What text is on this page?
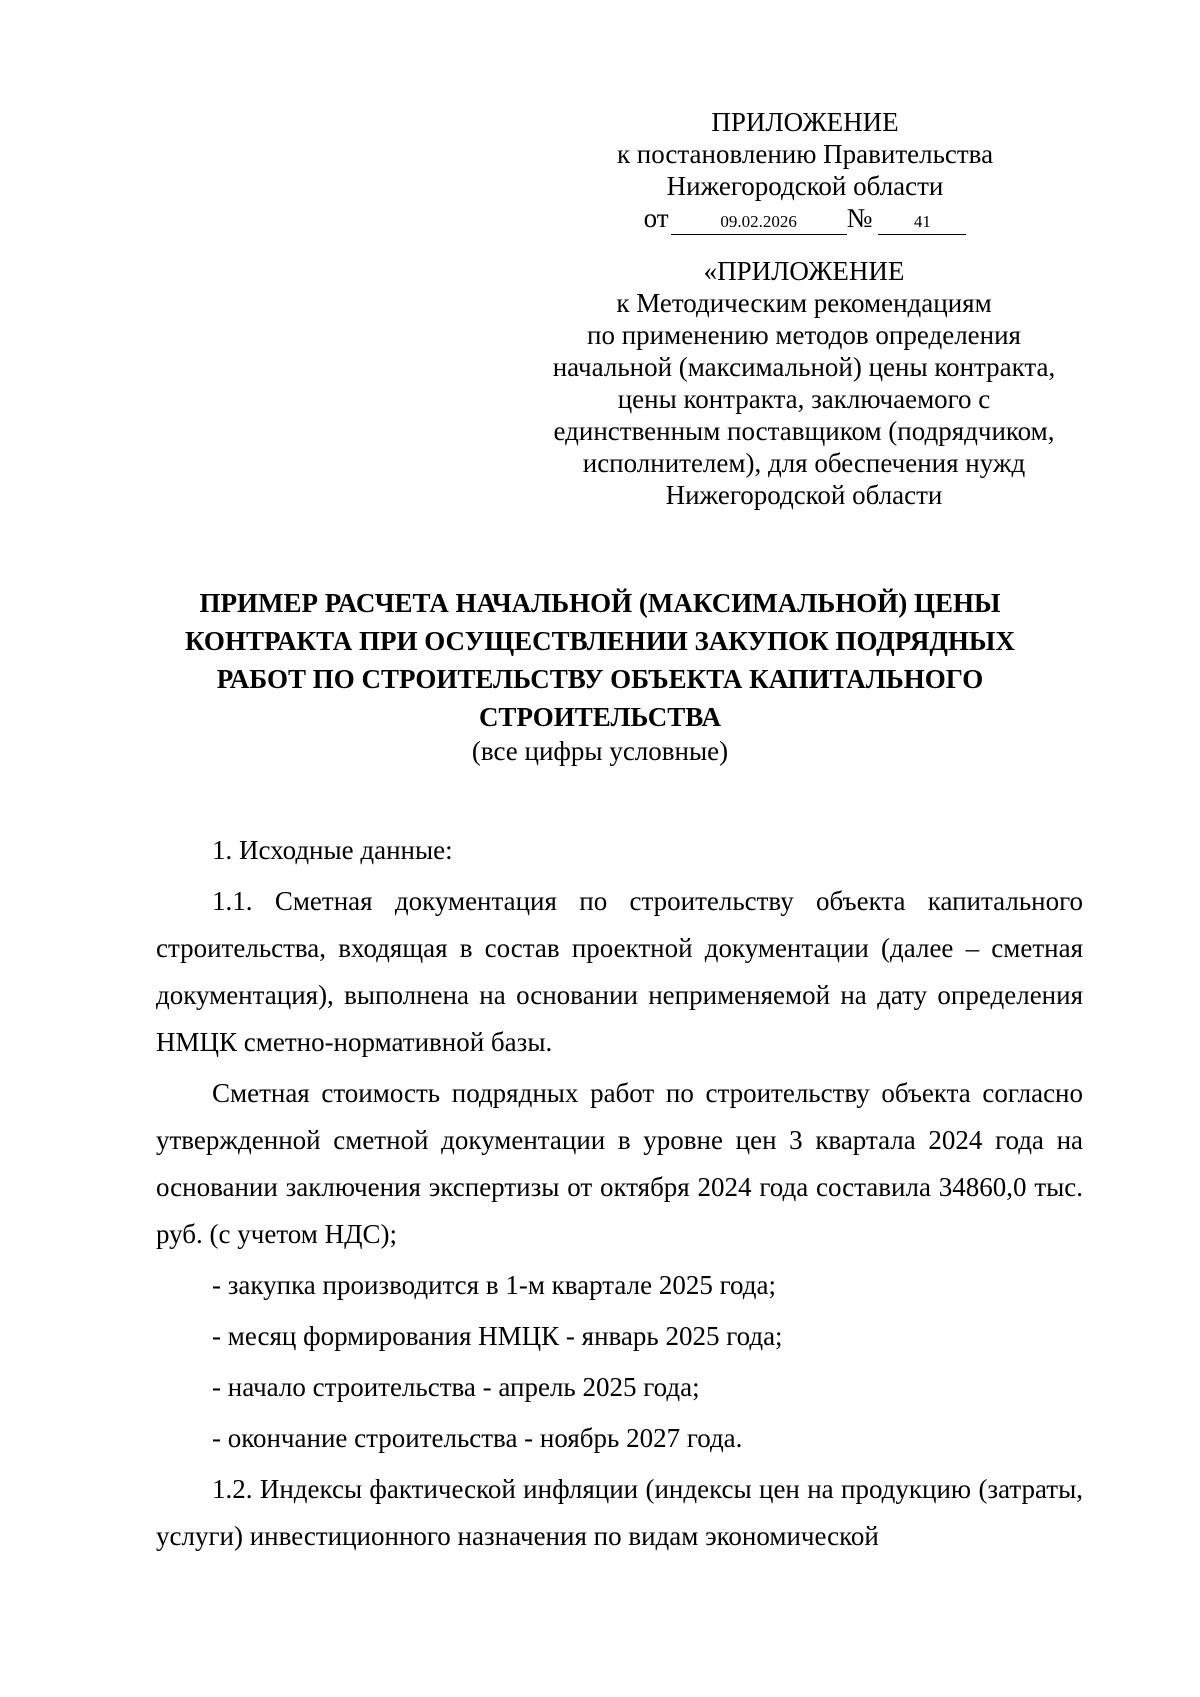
ПРИЛОЖЕНИЕ
к постановлению Правительства
Нижегородской области
от	09.02.2026	№	41
«ПРИЛОЖЕНИЕ
к Методическим рекомендациям
по применению методов определения
начальной (максимальной) цены контракта,
цены контракта, заключаемого с
единственным поставщиком (подрядчиком,
исполнителем), для обеспечения нужд
Нижегородской области
ПРИМЕР РАСЧЕТА НАЧАЛЬНОЙ (МАКСИМАЛЬНОЙ) ЦЕНЫ
КОНТРАКТА ПРИ ОСУЩЕСТВЛЕНИИ ЗАКУПОК ПОДРЯДНЫХ
РАБОТ ПО СТРОИТЕЛЬСТВУ ОБЪЕКТА КАПИТАЛЬНОГО
СТРОИТЕЛЬСТВА
(все цифры условные)

1. Исходные данные:

1.1. Сметная документация по строительству объекта капитального строительства, входящая в состав проектной документации (далее – сметная документация), выполнена на основании неприменяемой на дату определения НМЦК сметно-нормативной базы.

Сметная стоимость подрядных работ по строительству объекта согласно утвержденной сметной документации в уровне цен 3 квартала 2024 года на основании заключения экспертизы от октября 2024 года составила 34860,0 тыс. руб. (с учетом НДС);

- закупка производится в 1-м квартале 2025 года;

- месяц формирования НМЦК - январь 2025 года;

- начало строительства - апрель 2025 года;

- окончание строительства - ноябрь 2027 года.

1.2. Индексы фактической инфляции (индексы цен на продукцию (затраты, услуги) инвестиционного назначения по видам экономической
